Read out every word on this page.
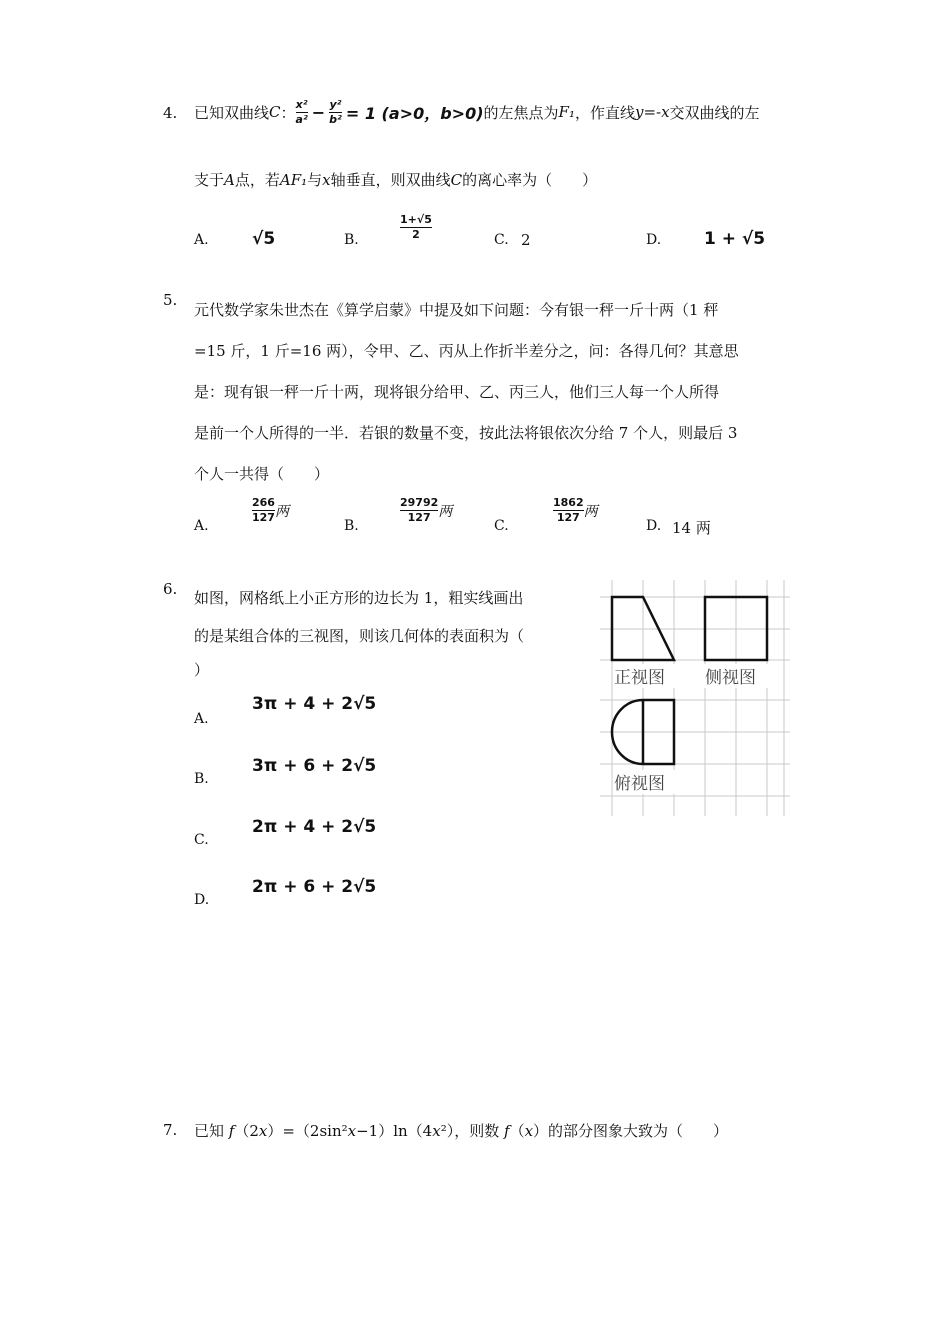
4. 已知双曲线 C ： $\frac{\text{x²}}{\text{a²}} - \frac{\text{y²}}{\text{b²}} = 1$ (a>0，b>0) 的左焦点为 F₁ ，作直线 y=-x 交双曲线的左
支于A点，若AF₁与x轴垂直，则双曲线C的离心率为（　　）
A.	√5	B.	$\frac{1+√5}{2}$	C. 2	D.	1 + √5
5.
元代数学家朱世杰在《算学启蒙》中提及如下问题：今有银一秤一斤十两（1 秤
=15 斤，1 斤=16 两），令甲、乙、丙从上作折半差分之，问：各得几何？其意思
是：现有银一秤一斤十两，现将银分给甲、乙、丙三人，他们三人每一个人所得
是前一个人所得的一半．若银的数量不变，按此法将银依次分给 7 个人，则最后 3
个人一共得（　　）
A.
$\frac{266}{127}$ 两
B.
$\frac{29792}{127}$ 两
C.
$\frac{1862}{127}$ 两
D. 14 两
6. 如图，网格纸上小正方形的边长为 1，粗实线画出
的是某组合体的三视图，则该几何体的表面积为（
）
A.
3π + 4 + 2√5
B.
3π + 6 + 2√5
C.
2π + 4 + 2√5
D.
2π + 6 + 2√5
正视图 侧视图
俯视图
7. 已知 f（2x）=（2sin²x−1）ln（4x²），则数 f（x）的部分图象大致为（　　）
